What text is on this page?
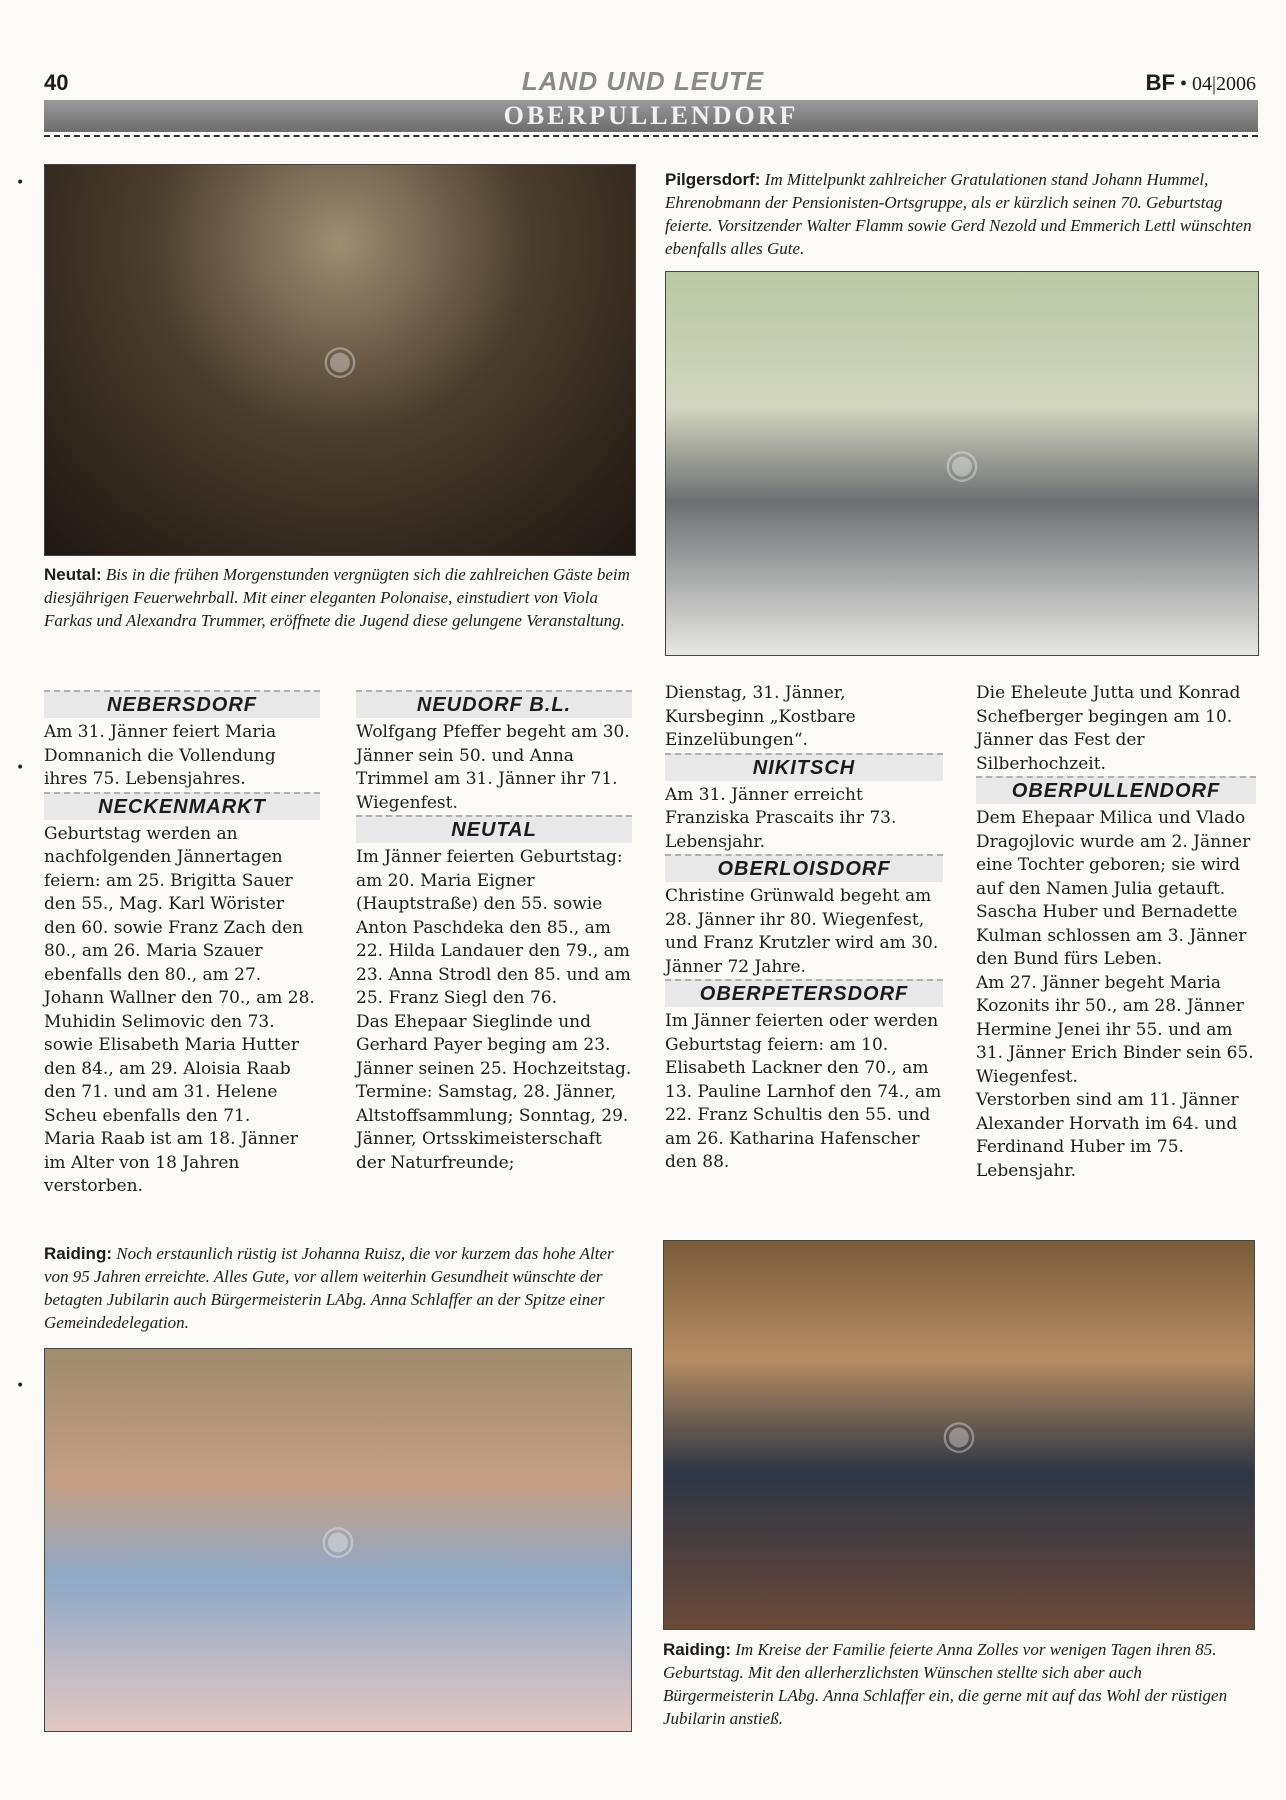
40	LAND UND LEUTE	BF • 04|2006
OBERPULLENDORF
•
•
•
◉
◉
◉
◉
Neutal: Bis in die frühen Morgenstunden vergnügten sich die zahlreichen Gäste beim diesjährigen Feuerwehrball. Mit einer eleganten Polonaise, einstudiert von Viola Farkas und Alexandra Trummer, eröffnete die Jugend diese gelungene Veranstaltung.
Pilgersdorf: Im Mittelpunkt zahlreicher Gratulationen stand Johann Hummel, Ehrenobmann der Pensionisten-Ortsgruppe, als er kürzlich seinen 70. Geburtstag feierte. Vorsitzender Walter Flamm sowie Gerd Nezold und Emmerich Lettl wünschten ebenfalls alles Gute.
Raiding: Noch erstaunlich rüstig ist Johanna Ruisz, die vor kurzem das hohe Alter von 95 Jahren erreichte. Alles Gute, vor allem weiterhin Gesundheit wünschte der betagten Jubilarin auch Bürgermeisterin LAbg. Anna Schlaffer an der Spitze einer Gemeindedelegation.
Raiding: Im Kreise der Familie feierte Anna Zolles vor wenigen Tagen ihren 85. Geburtstag. Mit den allerherzlichsten Wünschen stellte sich aber auch Bürgermeisterin LAbg. Anna Schlaffer ein, die gerne mit auf das Wohl der rüstigen Jubilarin anstieß.
NEBERSDORF

Am 31. Jänner feiert Maria Domnanich die Vollendung ihres 75. Lebensjahres.

NECKENMARKT

Geburtstag werden an nachfolgenden Jännertagen feiern: am 25. Brigitta Sauer den 55., Mag. Karl Wörister den 60. sowie Franz Zach den 80., am 26. Maria Szauer ebenfalls den 80., am 27. Johann Wallner den 70., am 28. Muhidin Selimovic den 73. sowie Elisabeth Maria Hutter den 84., am 29. Aloisia Raab den 71. und am 31. Helene Scheu ebenfalls den 71.

Maria Raab ist am 18. Jänner im Alter von 18 Jahren verstorben.

NEUDORF B.L.

Wolfgang Pfeffer begeht am 30. Jänner sein 50. und Anna Trimmel am 31. Jänner ihr 71. Wiegenfest.

NEUTAL

Im Jänner feierten Geburtstag: am 20. Maria Eigner (Hauptstraße) den 55. sowie Anton Paschdeka den 85., am 22. Hilda Landauer den 79., am 23. Anna Strodl den 85. und am 25. Franz Siegl den 76.

Das Ehepaar Sieglinde und Gerhard Payer beging am 23. Jänner seinen 25. Hochzeitstag.

Termine: Samstag, 28. Jänner, Altstoffsammlung; Sonntag, 29. Jänner, Ortsskimeisterschaft der Naturfreunde;

Dienstag, 31. Jänner, Kursbeginn „Kostbare Einzelübungen“.

NIKITSCH

Am 31. Jänner erreicht Franziska Prascaits ihr 73. Lebensjahr.

OBERLOISDORF

Christine Grünwald begeht am 28. Jänner ihr 80. Wiegenfest, und Franz Krutzler wird am 30. Jänner 72 Jahre.

OBERPETERSDORF

Im Jänner feierten oder werden Geburtstag feiern: am 10. Elisabeth Lackner den 70., am 13. Pauline Larnhof den 74., am 22. Franz Schultis den 55. und am 26. Katharina Hafenscher den 88.

Die Eheleute Jutta und Konrad Schefberger begingen am 10. Jänner das Fest der Silberhochzeit.

OBERPULLENDORF

Dem Ehepaar Milica und Vlado Dragojlovic wurde am 2. Jänner eine Tochter geboren; sie wird auf den Namen Julia getauft.

Sascha Huber und Bernadette Kulman schlossen am 3. Jänner den Bund fürs Leben.

Am 27. Jänner begeht Maria Kozonits ihr 50., am 28. Jänner Hermine Jenei ihr 55. und am 31. Jänner Erich Binder sein 65. Wiegenfest.

Verstorben sind am 11. Jänner Alexander Horvath im 64. und Ferdinand Huber im 75. Lebensjahr.
